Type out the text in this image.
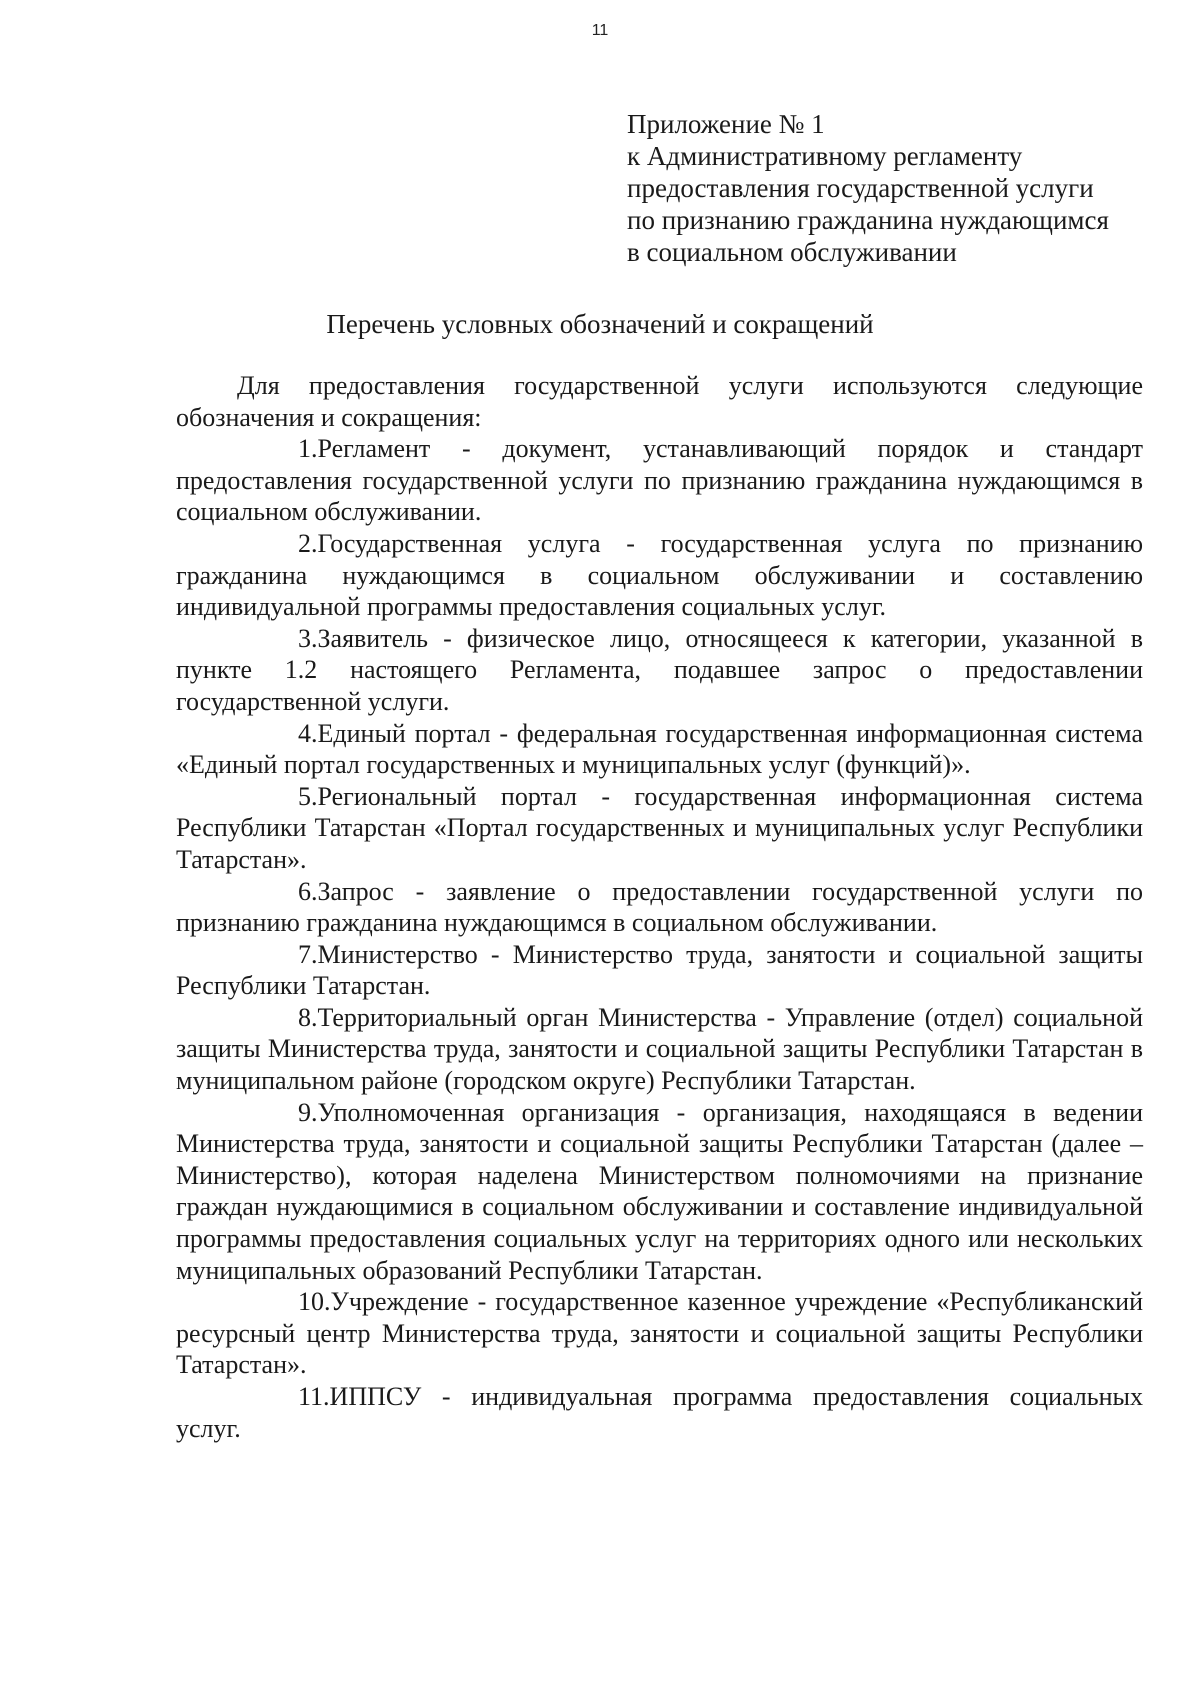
11
Приложение № 1
к Административному регламенту
предоставления государственной услуги
по признанию гражданина нуждающимся
в социальном обслуживании
Перечень условных обозначений и сокращений

Для предоставления государственной услуги используются следующие обозначения и сокращения:

1.Регламент - документ, устанавливающий порядок и стандарт предоставления государственной услуги по признанию гражданина нуждающимся в социальном обслуживании.

2.Государственная услуга - государственная услуга по признанию гражданина нуждающимся в социальном обслуживании и составлению индивидуальной программы предоставления социальных услуг.

3.Заявитель - физическое лицо, относящееся к категории, указанной в пункте 1.2 настоящего Регламента, подавшее запрос о предоставлении государственной услуги.

4.Единый портал - федеральная государственная информационная система «Единый портал государственных и муниципальных услуг (функций)».

5.Региональный портал - государственная информационная система Республики Татарстан «Портал государственных и муниципальных услуг Республики Татарстан».

6.Запрос - заявление о предоставлении государственной услуги по признанию гражданина нуждающимся в социальном обслуживании.

7.Министерство - Министерство труда, занятости и социальной защиты Республики Татарстан.

8.Территориальный орган Министерства - Управление (отдел) социальной защиты Министерства труда, занятости и социальной защиты Республики Татарстан в муниципальном районе (городском округе) Республики Татарстан.

9.Уполномоченная организация - организация, находящаяся в ведении Министерства труда, занятости и социальной защиты Республики Татарстан (далее – Министерство), которая наделена Министерством полномочиями на признание граждан нуждающимися в социальном обслуживании и составление индивидуальной программы предоставления социальных услуг на территориях одного или нескольких муниципальных образований Республики Татарстан.

10.Учреждение - государственное казенное учреждение «Республиканский ресурсный центр Министерства труда, занятости и социальной защиты Республики Татарстан».

11.ИППСУ - индивидуальная программа предоставления социальных услуг.
